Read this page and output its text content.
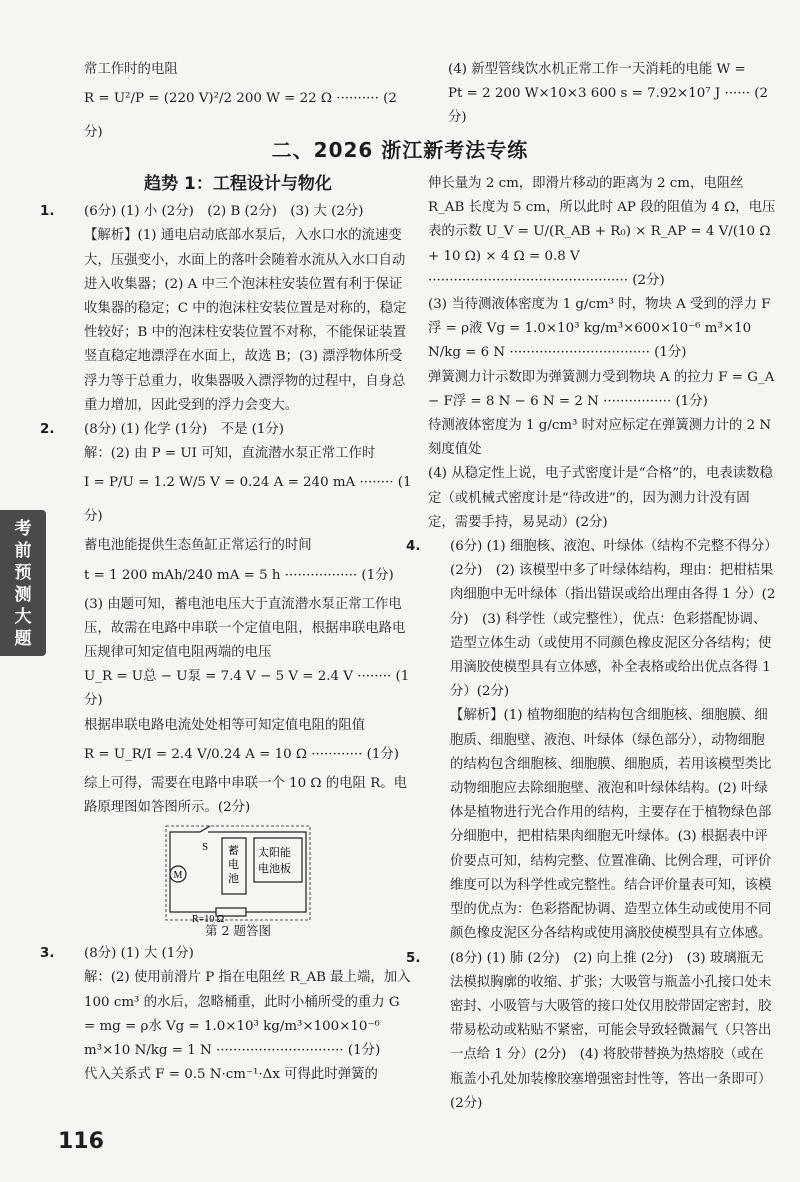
常工作时的电阻
R = U²/P = (220 V)²/2 200 W = 22 Ω ·········· (2分)
(4) 新型管线饮水机正常工作一天消耗的电能 W =
Pt = 2 200 W×10×3 600 s = 7.92×10⁷ J ······ (2分)
二、2026 浙江新考法专练
趋势 1：工程设计与物化
1. (6分) (1) 小 (2分)　(2) B (2分)　(3) 大 (2分)
【解析】(1) 通电启动底部水泵后，入水口水的流速变大，压强变小，水面上的落叶会随着水流从入水口自动进入收集器；(2) A 中三个泡沫柱安装位置有利于保证收集器的稳定；C 中的泡沫柱安装位置是对称的，稳定性较好；B 中的泡沫柱安装位置不对称，不能保证装置竖直稳定地漂浮在水面上，故选 B；(3) 漂浮物体所受浮力等于总重力，收集器吸入漂浮物的过程中，自身总重力增加，因此受到的浮力会变大。
2. (8分) (1) 化学 (1分)　不是 (1分)
解：(2) 由 P = UI 可知，直流潜水泵正常工作时
I = P/U = 1.2 W/5 V = 0.24 A = 240 mA ········ (1分)
蓄电池能提供生态鱼缸正常运行的时间
t = 1 200 mAh/240 mA = 5 h ················· (1分)
(3) 由题可知，蓄电池电压大于直流潜水泵正常工作电压，故需在电路中串联一个定值电阻，根据串联电路电压规律可知定值电阻两端的电压
U_R = U总 − U泵 = 7.4 V − 5 V = 2.4 V ········ (1分)
根据串联电路电流处处相等可知定值电阻的阻值
R = U_R/I = 2.4 V/0.24 A = 10 Ω ············ (1分)
综上可得，需要在电路中串联一个 10 Ω 的电阻 R。电路原理图如答图所示。(2分)
M
S 蓄电池
太阳能电池板
R=10 Ω
第 2 题答图
3. (8分) (1) 大 (1分)
解：(2) 使用前滑片 P 指在电阻丝 R_AB 最上端，加入 100 cm³ 的水后，忽略桶重，此时小桶所受的重力 G = mg = ρ水 Vg = 1.0×10³ kg/m³×100×10⁻⁶ m³×10 N/kg = 1 N ······························ (1分)
代入关系式 F = 0.5 N·cm⁻¹·Δx 可得此时弹簧的
伸长量为 2 cm，即滑片移动的距离为 2 cm，电阻丝 R_AB 长度为 5 cm，所以此时 AP 段的阻值为 4 Ω，电压表的示数 U_V = U/(R_AB + R₀) × R_AP = 4 V/(10 Ω + 10 Ω) × 4 Ω = 0.8 V ··············································· (2分)
(3) 当待测液体密度为 1 g/cm³ 时，物块 A 受到的浮力 F浮 = ρ液 Vg = 1.0×10³ kg/m³×600×10⁻⁶ m³×10 N/kg = 6 N ································· (1分)
弹簧测力计示数即为弹簧测力受到物块 A 的拉力 F = G_A − F浮 = 8 N − 6 N = 2 N ················ (1分)
待测液体密度为 1 g/cm³ 时对应标定在弹簧测力计的 2 N 刻度值处
(4) 从稳定性上说，电子式密度计是“合格”的，电表读数稳定（或机械式密度计是“待改进”的，因为测力计没有固定，需要手持，易晃动）(2分)
4. (6分) (1) 细胞核、液泡、叶绿体（结构不完整不得分）(2分)　(2) 该模型中多了叶绿体结构，理由：把柑桔果肉细胞中无叶绿体（指出错误或给出理由各得 1 分）(2分)　(3) 科学性（或完整性），优点：色彩搭配协调、造型立体生动（或使用不同颜色橡皮泥区分各结构；使用滴胶使模型具有立体感，补全表格或给出优点各得 1 分）(2分)
【解析】(1) 植物细胞的结构包含细胞核、细胞膜、细胞质、细胞壁、液泡、叶绿体（绿色部分），动物细胞的结构包含细胞核、细胞膜、细胞质，若用该模型类比动物细胞应去除细胞壁、液泡和叶绿体结构。(2) 叶绿体是植物进行光合作用的结构，主要存在于植物绿色部分细胞中，把柑桔果肉细胞无叶绿体。(3) 根据表中评价要点可知，结构完整、位置准确、比例合理，可评价维度可以为科学性或完整性。结合评价量表可知，该模型的优点为：色彩搭配协调、造型立体生动或使用不同颜色橡皮泥区分各结构或使用滴胶使模型具有立体感。
5. (8分) (1) 肺 (2分)　(2) 向上推 (2分)　(3) 玻璃瓶无法模拟胸廓的收缩、扩张；大吸管与瓶盖小孔接口处未密封、小吸管与大吸管的接口处仅用胶带固定密封，胶带易松动或粘贴不紧密，可能会导致轻微漏气（只答出一点给 1 分）(2分)　(4) 将胶带替换为热熔胶（或在瓶盖小孔处加装橡胶塞增强密封性等，答出一条即可）(2分)
考
前
预
测
大
题
116
